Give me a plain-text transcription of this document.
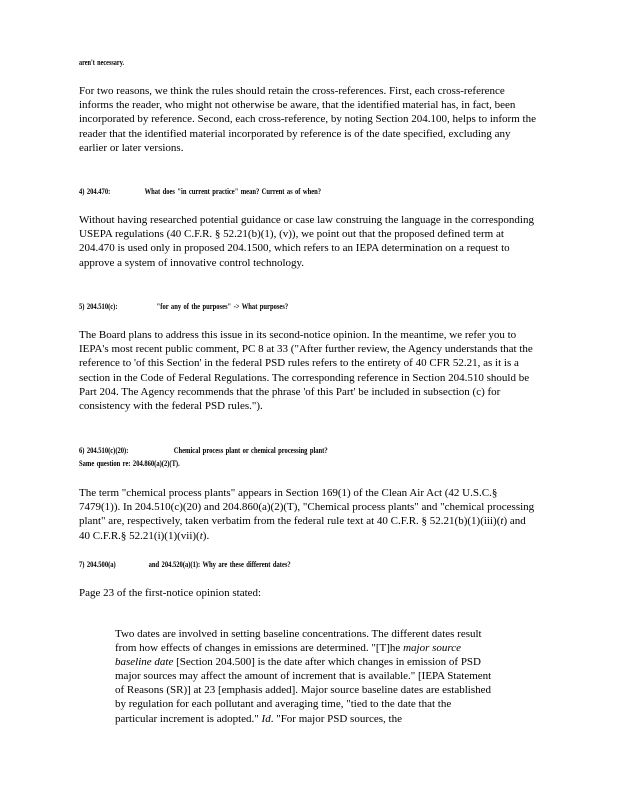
aren't necessary.
For two reasons, we think the rules should retain the cross-references. First, each cross-reference informs the reader, who might not otherwise be aware, that the identified material has, in fact, been incorporated by reference. Second, each cross-reference, by noting Section 204.100, helps to inform the reader that the identified material incorporated by reference is of the date specified, excluding any earlier or later versions.
4) 204.470:	What does "in current practice" mean? Current as of when?
Without having researched potential guidance or case law construing the language in the corresponding USEPA regulations (40 C.F.R. § 52.21(b)(1), (v)), we point out that the proposed defined term at 204.470 is used only in proposed 204.1500, which refers to an IEPA determination on a request to approve a system of innovative control technology.
5) 204.510(c):	"for any of the purposes" -> What purposes?
The Board plans to address this issue in its second-notice opinion. In the meantime, we refer you to IEPA's most recent public comment, PC 8 at 33 ("After further review, the Agency understands that the reference to 'of this Section' in the federal PSD rules refers to the entirety of 40 CFR 52.21, as it is a section in the Code of Federal Regulations. The corresponding reference in Section 204.510 should be Part 204. The Agency recommends that the phrase 'of this Part' be included in subsection (c) for consistency with the federal PSD rules.").
6) 204.510(c)(20):	Chemical process plant or chemical processing plant?
Same question re: 204.860(a)(2)(T).
The term "chemical process plants" appears in Section 169(1) of the Clean Air Act (42 U.S.C.§ 7479(1)). In 204.510(c)(20) and 204.860(a)(2)(T), "Chemical process plants" and "chemical processing plant" are, respectively, taken verbatim from the federal rule text at 40 C.F.R. § 52.21(b)(1)(iii)(t) and 40 C.F.R.§ 52.21(i)(1)(vii)(t).
7) 204.500(a)	and 204.520(a)(1): Why are these different dates?
Page 23 of the first-notice opinion stated:
Two dates are involved in setting baseline concentrations. The different dates result from how effects of changes in emissions are determined. "[T]he major source baseline date [Section 204.500] is the date after which changes in emission of PSD major sources may affect the amount of increment that is available." [IEPA Statement of Reasons (SR)] at 23 [emphasis added]. Major source baseline dates are established by regulation for each pollutant and averaging time, "tied to the date that the particular increment is adopted." Id. "For major PSD sources, the
